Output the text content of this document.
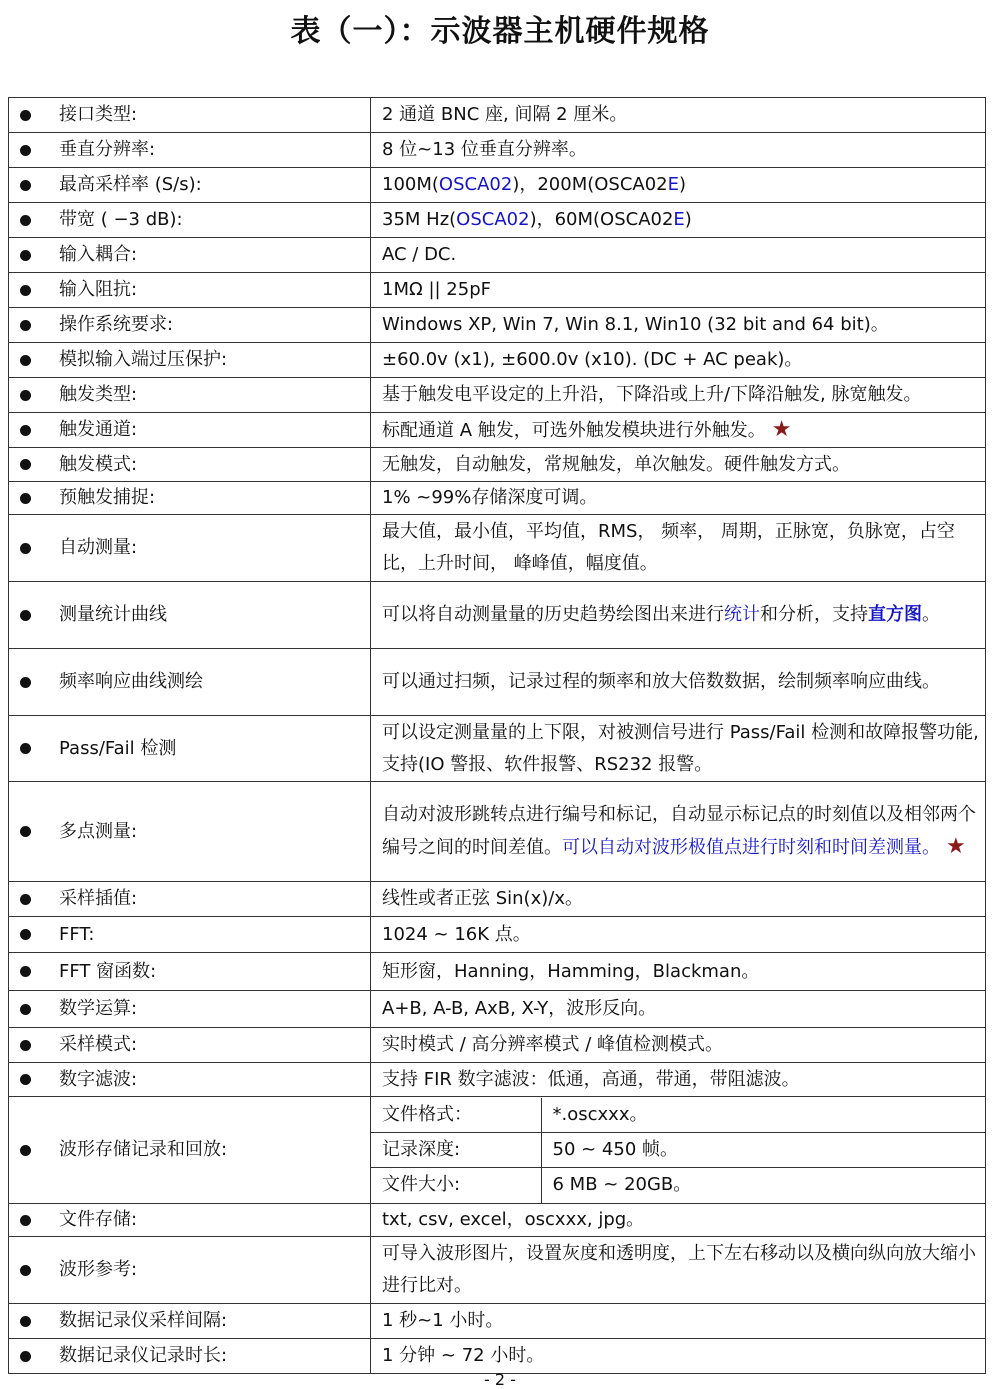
表（一）：示波器主机硬件规格
接口类型:	2 通道 BNC 座, 间隔 2 厘米。

垂直分辨率:	8 位~13 位垂直分辨率。

最高采样率 (S/s):	100M(OSCA02)，200M(OSCA02E)

带宽 ( −3 dB):	35M Hz(OSCA02)，60M(OSCA02E)

输入耦合:	AC / DC.

输入阻抗:	1MΩ || 25pF

操作系统要求:	Windows XP, Win 7, Win 8.1, Win10 (32 bit and 64 bit)。

模拟输入端过压保护:	±60.0v (x1), ±600.0v (x10). (DC + AC peak)。

触发类型:	基于触发电平设定的上升沿，下降沿或上升/下降沿触发, 脉宽触发。

触发通道:	标配通道 A 触发，可选外触发模块进行外触发。 ★

触发模式:	无触发，自动触发，常规触发，单次触发。硬件触发方式。

预触发捕捉:	1% ~99%存储深度可调。

自动测量:
	最大值，最小值，平均值，RMS， 频率， 周期，正脉宽，负脉宽，占空比，上升时间， 峰峰值，幅度值。

测量统计曲线	可以将自动测量量的历史趋势绘图出来进行统计和分析，支持直方图。

频率响应曲线测绘	可以通过扫频，记录过程的频率和放大倍数数据，绘制频率响应曲线。

Pass/Fail 检测
	可以设定测量量的上下限，对被测信号进行 Pass/Fail 检测和故障报警功能,支持(IO 警报、软件报警、RS232 报警。

多点测量:
	自动对波形跳转点进行编号和标记，自动显示标记点的时刻值以及相邻两个编号之间的时间差值。可以自动对波形极值点进行时刻和时间差测量。 ★

采样插值:	线性或者正弦 Sin(x)/x。

FFT:	1024 ~ 16K 点。

FFT 窗函数:	矩形窗，Hanning，Hamming，Blackman。

数学运算:	A+B, A-B, AxB, X-Y，波形反向。

采样模式:	实时模式 / 高分辨率模式 / 峰值检测模式。

数字滤波:	支持 FIR 数字滤波：低通，高通，带通，带阻滤波。

波形存储记录和回放:

文件格式：	*.oscxxx。
记录深度:	50 ~ 450 帧。
文件大小:	6 MB ~ 20GB。

文件存储:	txt, csv, excel，oscxxx, jpg。

波形参考:
	可导入波形图片，设置灰度和透明度，上下左右移动以及横向纵向放大缩小进行比对。

数据记录仪采样间隔:	1 秒~1 小时。

数据记录仪记录时长:	1 分钟 ~ 72 小时。
- 2 -
